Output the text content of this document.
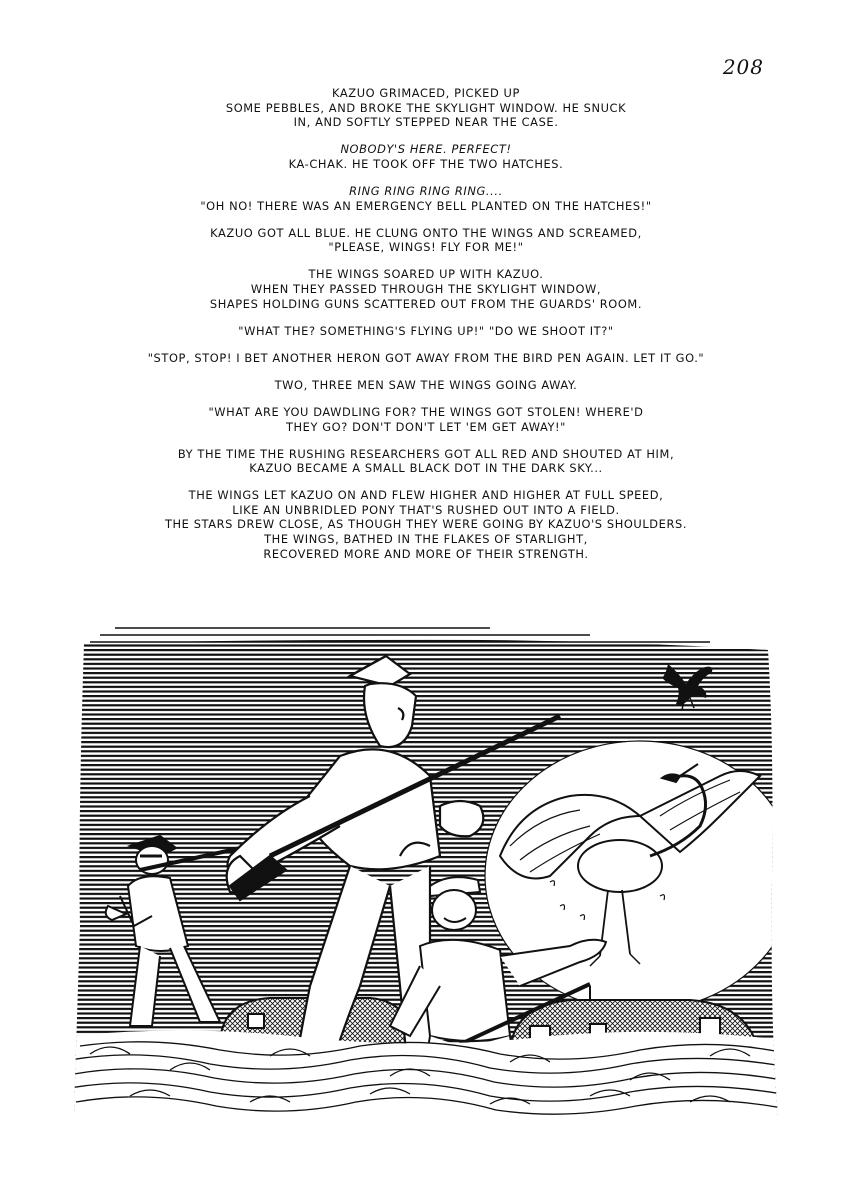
208
KAZUO GRIMACED, PICKED UP
SOME PEBBLES, AND BROKE THE SKYLIGHT WINDOW. HE SNUCK
IN, AND SOFTLY STEPPED NEAR THE CASE.
NOBODY'S HERE. PERFECT!
KA-CHAK. HE TOOK OFF THE TWO HATCHES.
RING RING RING RING....
"OH NO! THERE WAS AN EMERGENCY BELL PLANTED ON THE HATCHES!"
KAZUO GOT ALL BLUE. HE CLUNG ONTO THE WINGS AND SCREAMED,
"PLEASE, WINGS! FLY FOR ME!"
THE WINGS SOARED UP WITH KAZUO.
WHEN THEY PASSED THROUGH THE SKYLIGHT WINDOW,
SHAPES HOLDING GUNS SCATTERED OUT FROM THE GUARDS' ROOM.
"WHAT THE? SOMETHING'S FLYING UP!" "DO WE SHOOT IT?"
"STOP, STOP! I BET ANOTHER HERON GOT AWAY FROM THE BIRD PEN AGAIN. LET IT GO."
TWO, THREE MEN SAW THE WINGS GOING AWAY.
"WHAT ARE YOU DAWDLING FOR? THE WINGS GOT STOLEN! WHERE'D
THEY GO? DON'T DON'T LET 'EM GET AWAY!"
BY THE TIME THE RUSHING RESEARCHERS GOT ALL RED AND SHOUTED AT HIM,
KAZUO BECAME A SMALL BLACK DOT IN THE DARK SKY...
THE WINGS LET KAZUO ON AND FLEW HIGHER AND HIGHER AT FULL SPEED,
LIKE AN UNBRIDLED PONY THAT'S RUSHED OUT INTO A FIELD.
THE STARS DREW CLOSE, AS THOUGH THEY WERE GOING BY KAZUO'S SHOULDERS.
THE WINGS, BATHED IN THE FLAKES OF STARLIGHT,
RECOVERED MORE AND MORE OF THEIR STRENGTH.
